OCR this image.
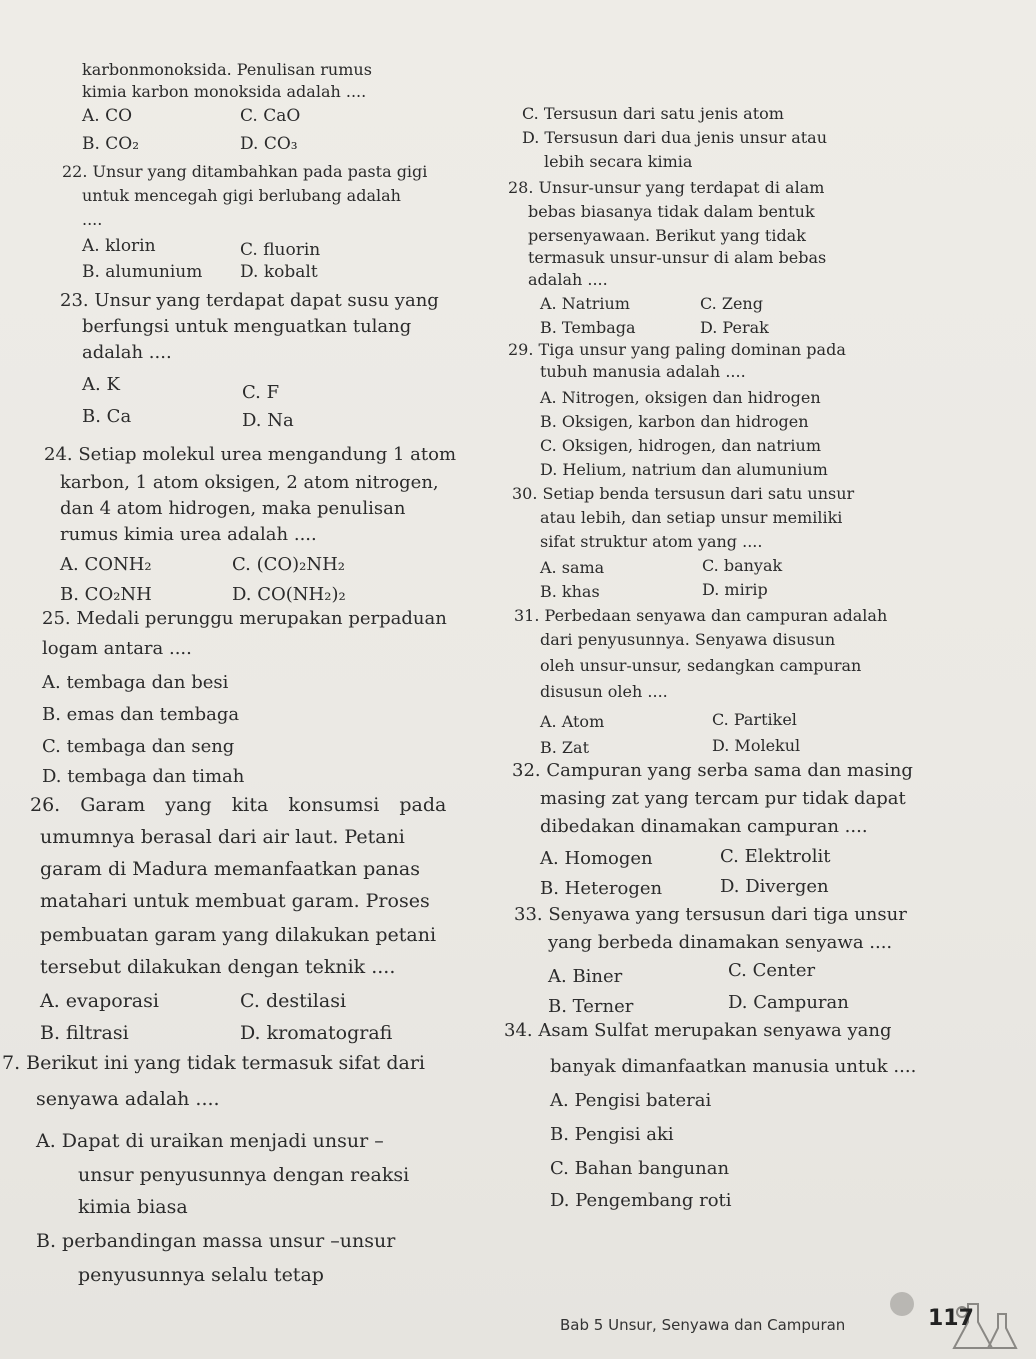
karbonmonoksida. Penulisan rumus
kimia karbon monoksida adalah ....
A. CO
B. CO₂
C. CaO
D. CO₃
22. Unsur yang ditambahkan pada pasta gigi
untuk mencegah gigi berlubang adalah
....
A. klorin
B. alumunium
C. fluorin
D. kobalt
23. Unsur yang terdapat dapat susu yang
berfungsi untuk menguatkan tulang
adalah ....
A. K
B. Ca
C. F
D. Na
24. Setiap molekul urea mengandung 1 atom
karbon, 1 atom oksigen, 2 atom nitrogen,
dan 4 atom hidrogen, maka penulisan
rumus kimia urea adalah ....
A. CONH₂
B. CO₂NH
C. (CO)₂NH₂
D. CO(NH₂)₂
25. Medali perunggu merupakan perpaduan
logam antara ....
A. tembaga dan besi
B. emas dan tembaga
C. tembaga dan seng
D. tembaga dan timah
26. Garam yang kita konsumsi pada
umumnya berasal dari air laut. Petani
garam di Madura memanfaatkan panas
matahari untuk membuat garam. Proses
pembuatan garam yang dilakukan petani
tersebut dilakukan dengan teknik ....
A. evaporasi
B. filtrasi
C. destilasi
D. kromatografi
7. Berikut ini yang tidak termasuk sifat dari
senyawa adalah ....
A. Dapat di uraikan menjadi unsur –
unsur penyusunnya dengan reaksi
kimia biasa
B. perbandingan massa unsur –unsur
penyusunnya selalu tetap
C. Tersusun dari satu jenis atom
D. Tersusun dari dua jenis unsur atau
lebih secara kimia
28. Unsur-unsur yang terdapat di alam
bebas biasanya tidak dalam bentuk
persenyawaan. Berikut yang tidak
termasuk unsur-unsur di alam bebas
adalah ....
A. Natrium
B. Tembaga
C. Zeng
D. Perak
29. Tiga unsur yang paling dominan pada
tubuh manusia adalah ....
A. Nitrogen, oksigen dan hidrogen
B. Oksigen, karbon dan hidrogen
C. Oksigen, hidrogen, dan natrium
D. Helium, natrium dan alumunium
30. Setiap benda tersusun dari satu unsur
atau lebih, dan setiap unsur memiliki
sifat struktur atom yang ....
A. sama
B. khas
C. banyak
D. mirip
31. Perbedaan senyawa dan campuran adalah
dari penyusunnya. Senyawa disusun
oleh unsur-unsur, sedangkan campuran
disusun oleh ....
A. Atom
B. Zat
C. Partikel
D. Molekul
32. Campuran yang serba sama dan masing
masing zat yang tercam pur tidak dapat
dibedakan dinamakan campuran ....
A. Homogen
B. Heterogen
C. Elektrolit
D. Divergen
33. Senyawa yang tersusun dari tiga unsur
yang berbeda dinamakan senyawa ....
A. Biner
B. Terner
C. Center
D. Campuran
34. Asam Sulfat merupakan senyawa yang
banyak dimanfaatkan manusia untuk ....
A. Pengisi baterai
B. Pengisi aki
C. Bahan bangunan
D. Pengembang roti
Bab 5 Unsur, Senyawa dan Campuran	117
